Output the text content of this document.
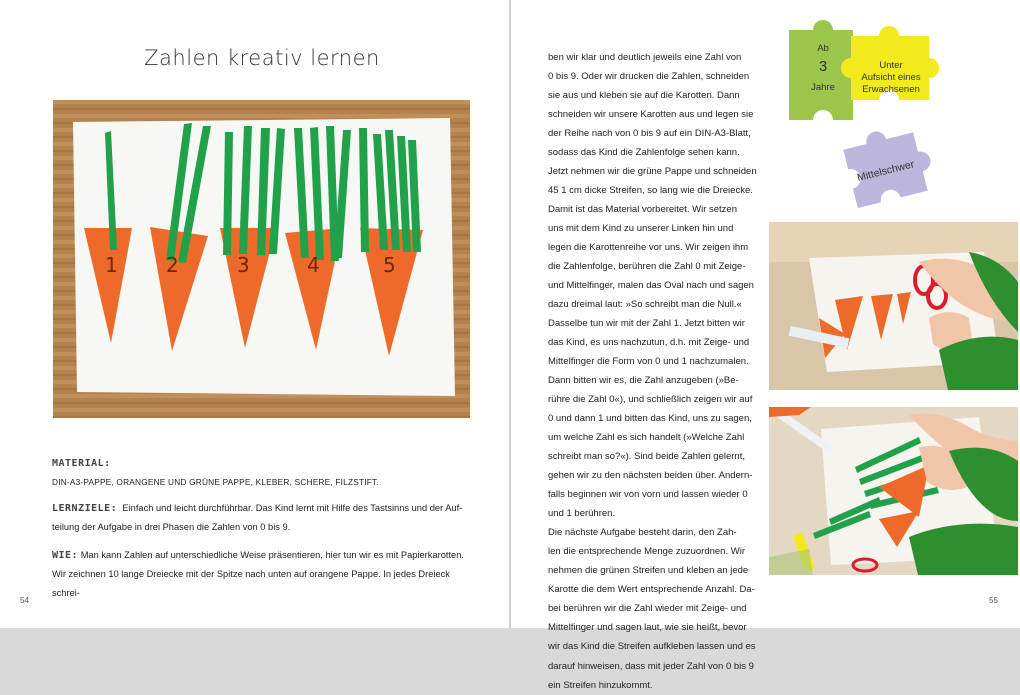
Zahlen kreativ lernen
1 2	3	4	5
MATERIAL:
DIN-A3-PAPPE, ORANGENE UND GRÜNE PAPPE, KLEBER, SCHERE, FILZSTIFT.
LERNZIELE: Einfach und leicht durchführbar. Das Kind lernt mit Hilfe des Tastsinns und der Auf-
teilung der Aufgabe in drei Phasen die Zahlen von 0 bis 9.
WIE: Man kann Zahlen auf unterschiedliche Weise präsentieren, hier tun wir es mit Papierkarotten.
Wir zeichnen 10 lange Dreiecke mit der Spitze nach unten auf orangene Pappe. In jedes Dreieck schrei-
54

ben wir klar und deutlich jeweils eine Zahl von

0 bis 9. Oder wir drucken die Zahlen, schneiden

sie aus und kleben sie auf die Karotten. Dann

schneiden wir unsere Karotten aus und legen sie

der Reihe nach von 0 bis 9 auf ein DIN-A3-Blatt,

sodass das Kind die Zahlenfolge sehen kann.

Jetzt nehmen wir die grüne Pappe und schneiden

45 1 cm dicke Streifen, so lang wie die Dreiecke.

Damit ist das Material vorbereitet. Wir setzen

uns mit dem Kind zu unserer Linken hin und

legen die Karottenreihe vor uns. Wir zeigen ihm

die Zahlenfolge, berühren die Zahl 0 mit Zeige-

und Mittelfinger, malen das Oval nach und sagen

dazu dreimal laut: »So schreibt man die Null.«

Dasselbe tun wir mit der Zahl 1. Jetzt bitten wir

das Kind, es uns nachzutun, d.h. mit Zeige- und

Mittelfinger die Form von 0 und 1 nachzumalen.

Dann bitten wir es, die Zahl anzugeben (»Be-

rühre die Zahl 0«), und schließlich zeigen wir auf

0 und dann 1 und bitten das Kind, uns zu sagen,

um welche Zahl es sich handelt (»Welche Zahl

schreibt man so?«). Sind beide Zahlen gelernt,

gehen wir zu den nächsten beiden über. Andern-

falls beginnen wir von vorn und lassen wieder 0

und 1 berühren.

Die nächste Aufgabe besteht darin, den Zah-

len die entsprechende Menge zuzuordnen. Wir

nehmen die grünen Streifen und kleben an jede

Karotte die dem Wert entsprechende Anzahl. Da-

bei berühren wir die Zahl wieder mit Zeige- und

Mittelfinger und sagen laut, wie sie heißt, bevor

wir das Kind die Streifen aufkleben lassen und es

darauf hinweisen, dass mit jeder Zahl von 0 bis 9

ein Streifen hinzukommt.

Mittelschwer
Ab
3
Jahre
Unter
Aufsicht eines
Erwachsenen
55
